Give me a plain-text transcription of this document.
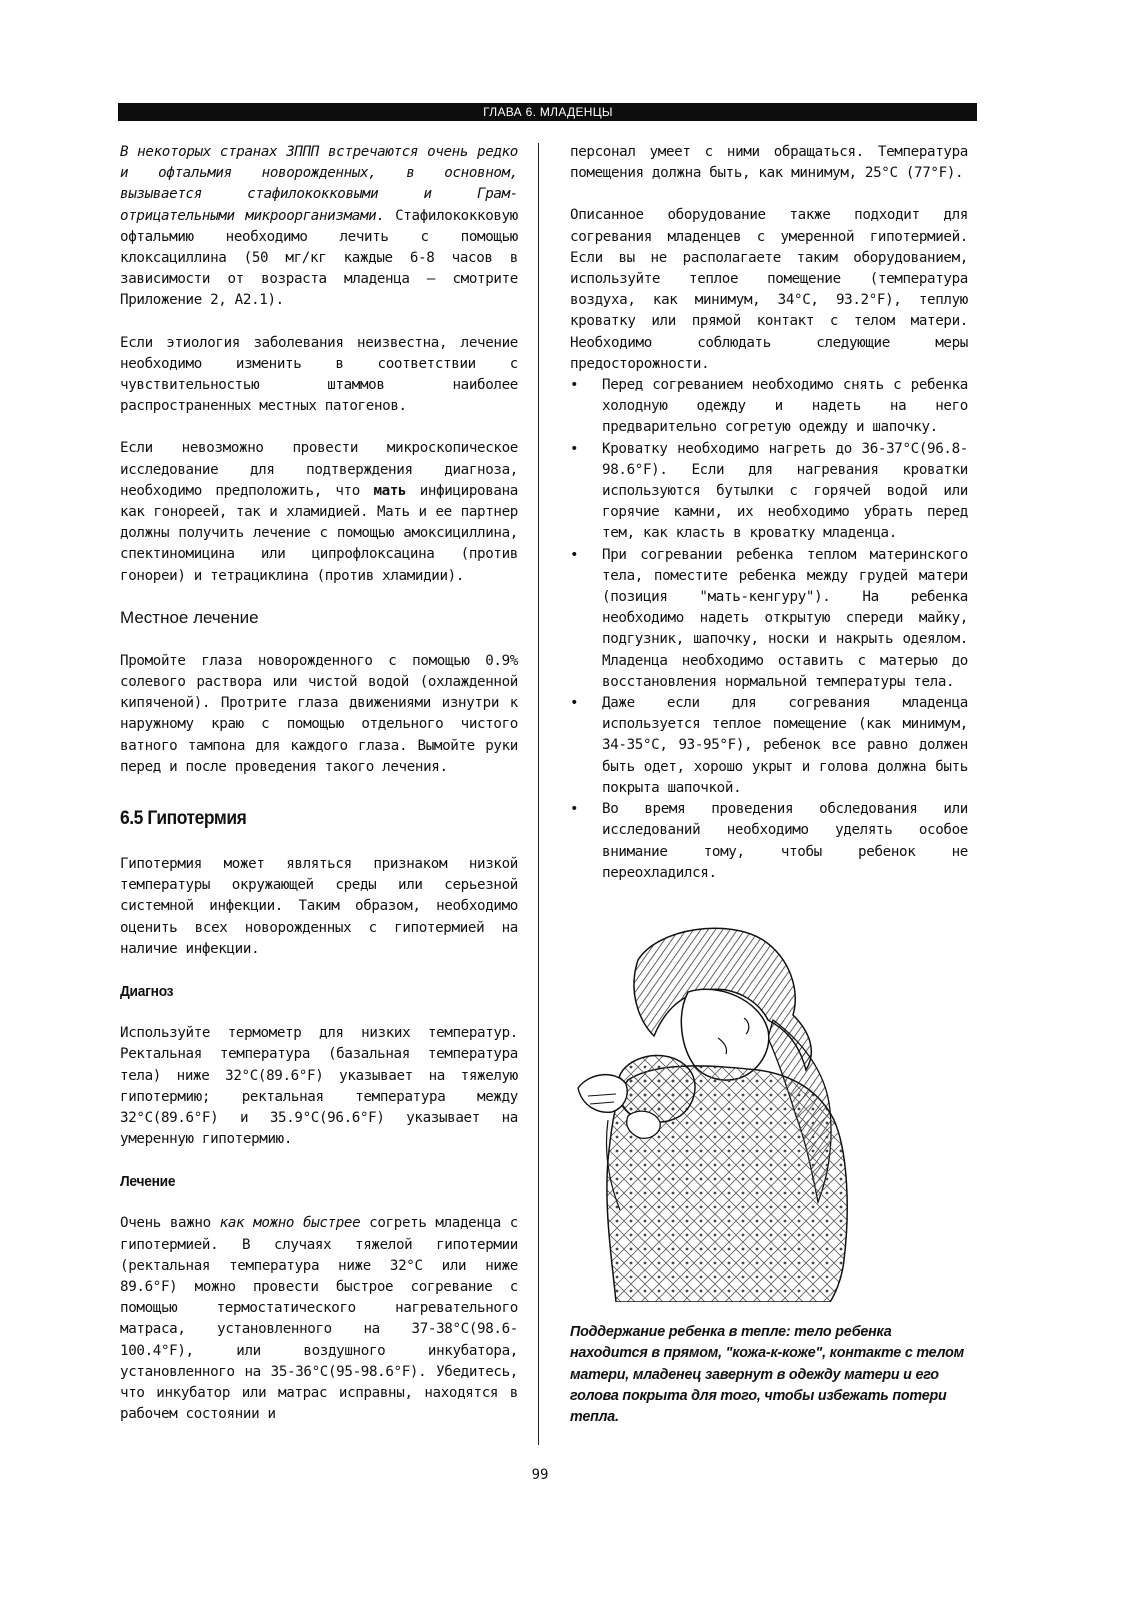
ГЛАВА 6. МЛАДЕНЦЫ

В некоторых странах ЗППП встречаются очень редко и офтальмия новорожденных, в основном, вызывается стафилококковыми и Грам-отрицательными микроорганизмами. Стафилококковую офтальмию необходимо лечить с помощью клоксациллина (50 мг/кг каждые 6-8 часов в зависимости от возраста младенца – смотрите Приложение 2, А2.1).

Если этиология заболевания неизвестна, лечение необходимо изменить в соответствии с чувствительностью штаммов наиболее распространенных местных патогенов.

Если невозможно провести микроскопическое исследование для подтверждения диагноза, необходимо предположить, что мать инфицирована как гонореей, так и хламидией. Мать и ее партнер должны получить лечение с помощью амоксициллина, спектиномицина или ципрофлоксацина (против гонореи) и тетрациклина (против хламидии).

Местное лечение

Промойте глаза новорожденного с помощью 0.9% солевого раствора или чистой водой (охлажденной кипяченой). Протрите глаза движениями изнутри к наружному краю с помощью отдельного чистого ватного тампона для каждого глаза. Вымойте руки перед и после проведения такого лечения.

6.5 Гипотермия

Гипотермия может являться признаком низкой температуры окружающей среды или серьезной системной инфекции. Таким образом, необходимо оценить всех новорожденных с гипотермией на наличие инфекции.

Диагноз

Используйте термометр для низких температур. Ректальная температура (базальная температура тела) ниже 32°С(89.6°F) указывает на тяжелую гипотермию; ректальная температура между 32°С(89.6°F) и 35.9°С(96.6°F) указывает на умеренную гипотермию.

Лечение

Очень важно как можно быстрее согреть младенца с гипотермией. В случаях тяжелой гипотермии (ректальная температура ниже 32°С или ниже 89.6°F) можно провести быстрое согревание с помощью термостатического нагревательного матраса, установленного на 37-38°С(98.6-100.4°F), или воздушного инкубатора, установленного на 35-36°С(95-98.6°F). Убедитесь, что инкубатор или матрас исправны, находятся в рабочем состоянии и

персонал умеет с ними обращаться. Температура помещения должна быть, как минимум, 25°С (77°F).

Описанное оборудование также подходит для согревания младенцев с умеренной гипотермией. Если вы не располагаете таким оборудованием, используйте теплое помещение (температура воздуха, как минимум, 34°С, 93.2°F), теплую кроватку или прямой контакт с телом матери. Необходимо соблюдать следующие меры предосторожности.

• Перед согреванием необходимо снять с ребенка холодную одежду и надеть на него предварительно согретую одежду и шапочку.
• Кроватку необходимо нагреть до 36-37°С(96.8-98.6°F). Если для нагревания кроватки используются бутылки с горячей водой или горячие камни, их необходимо убрать перед тем, как класть в кроватку младенца.
• При согревании ребенка теплом материнского тела, поместите ребенка между грудей матери (позиция "мать-кенгуру"). На ребенка необходимо надеть открытую спереди майку, подгузник, шапочку, носки и накрыть одеялом. Младенца необходимо оставить с матерью до восстановления нормальной температуры тела.
• Даже если для согревания младенца используется теплое помещение (как минимум, 34-35°С, 93-95°F), ребенок все равно должен быть одет, хорошо укрыт и голова должна быть покрыта шапочкой.
• Во время проведения обследования или исследований необходимо уделять особое внимание тому, чтобы ребенок не переохладился.
Поддержание ребенка в тепле: тело ребенка находится в прямом, "кожа-к-коже", контакте с телом матери, младенец завернут в одежду матери и его голова покрыта для того, чтобы избежать потери тепла.
99
